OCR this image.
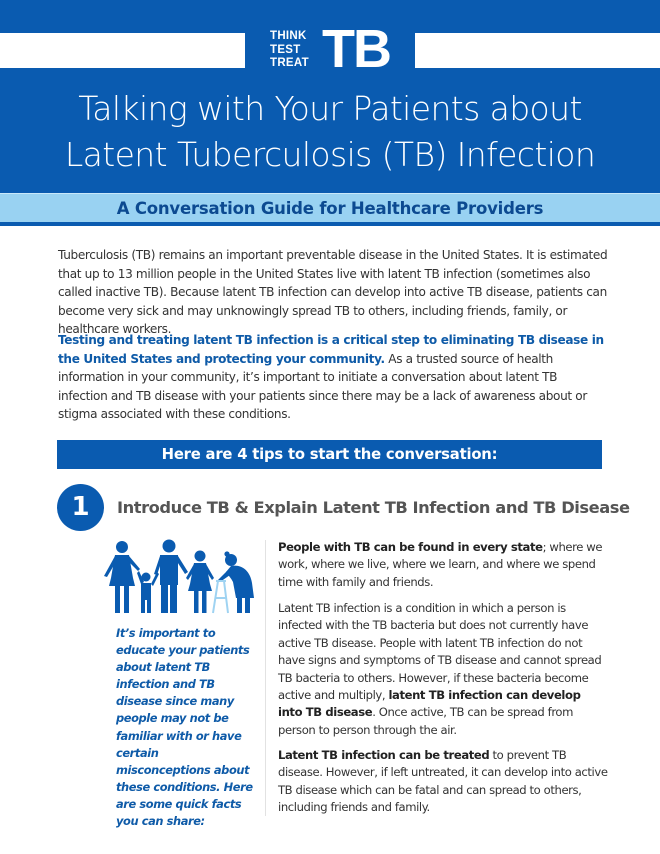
THINK
TEST
TREAT TB
Talking with Your Patients about
Latent Tuberculosis (TB) Infection
A Conversation Guide for Healthcare Providers

Tuberculosis (TB) remains an important preventable disease in the United States. It is estimated that up to 13 million people in the United States live with latent TB infection (sometimes also called inactive TB). Because latent TB infection can develop into active TB disease, patients can become very sick and may unknowingly spread TB to others, including friends, family, or healthcare workers.

Testing and treating latent TB infection is a critical step to eliminating TB disease in the United States and protecting your community. As a trusted source of health information in your community, it’s important to initiate a conversation about latent TB infection and TB disease with your patients since there may be a lack of awareness about or stigma associated with these conditions.

Here are 4 tips to start the conversation:
1	Introduce TB & Explain Latent TB Infection and TB Disease

It’s important to educate your patients about latent TB infection and TB disease since many people may not be familiar with or have certain misconceptions about these conditions. Here are some quick facts you can share:

People with TB can be found in every state; where we work, where we live, where we learn, and where we spend time with family and friends.

Latent TB infection is a condition in which a person is infected with the TB bacteria but does not currently have active TB disease. People with latent TB infection do not have signs and symptoms of TB disease and cannot spread TB bacteria to others. However, if these bacteria become active and multiply, latent TB infection can develop into TB disease. Once active, TB can be spread from person to person through the air.

Latent TB infection can be treated to prevent TB disease. However, if left untreated, it can develop into active TB disease which can be fatal and can spread to others, including friends and family.
